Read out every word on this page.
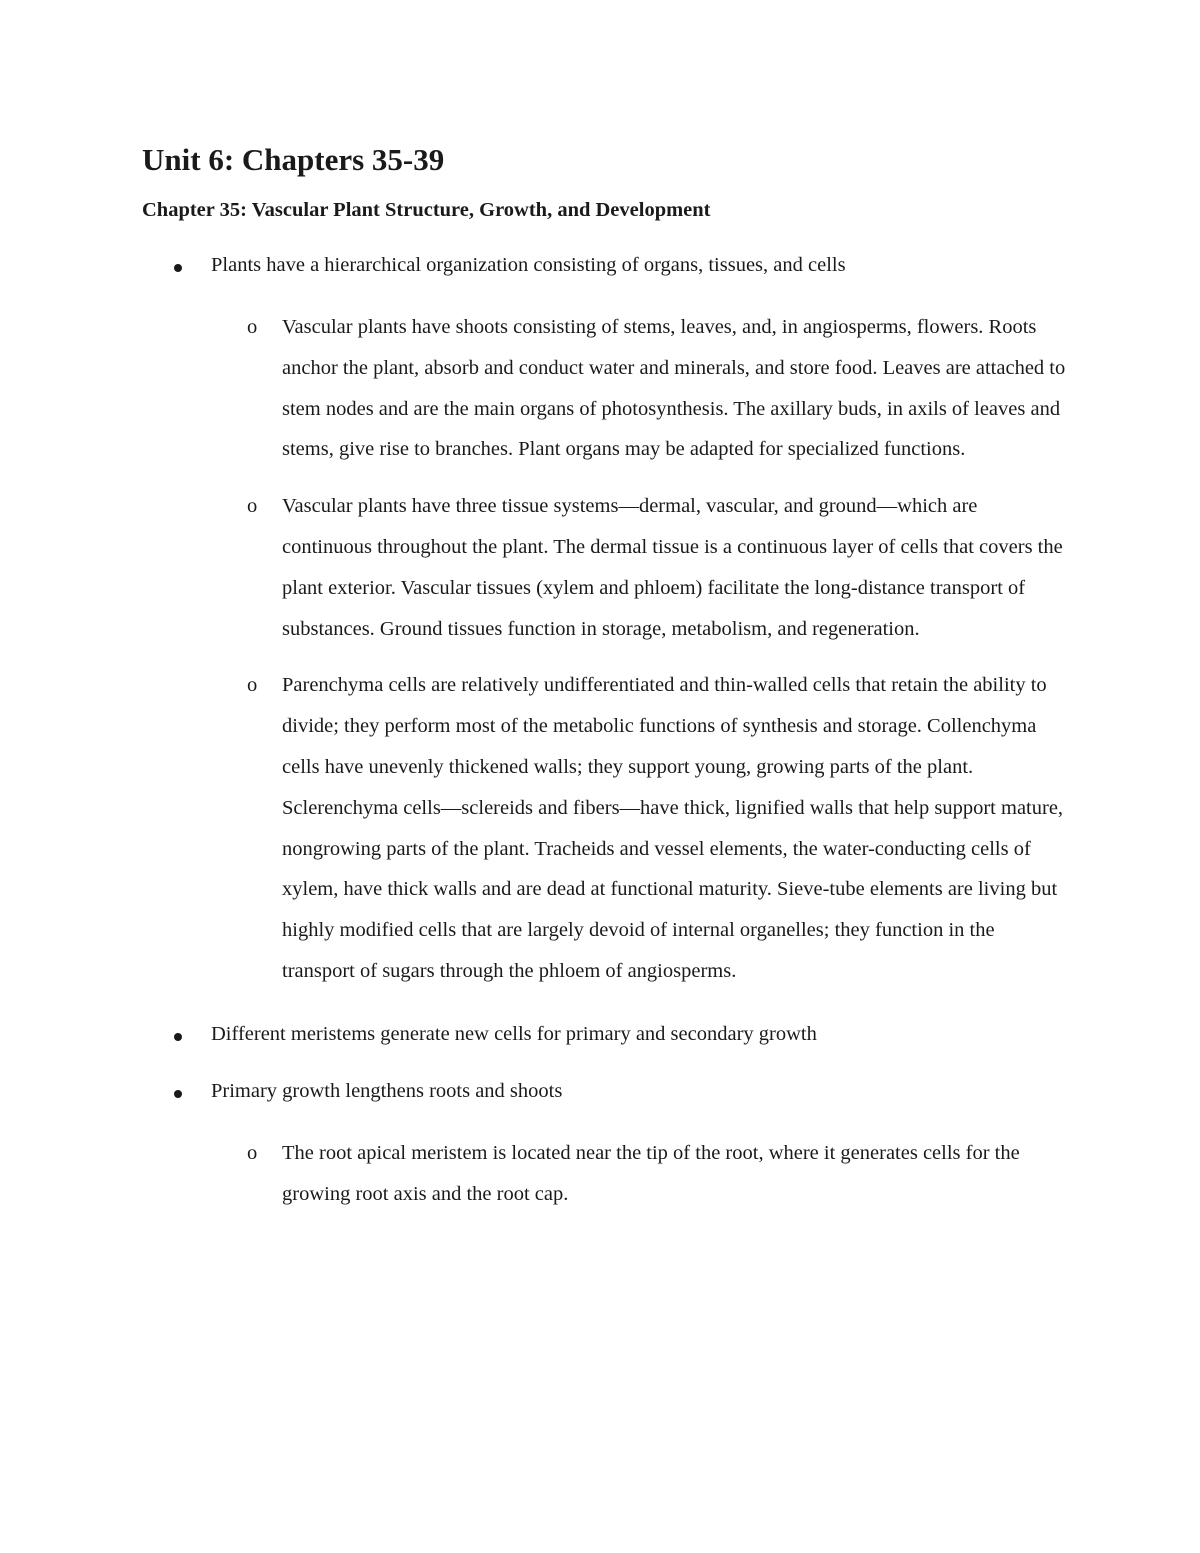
Unit 6: Chapters 35-39
Chapter 35: Vascular Plant Structure, Growth, and Development
Plants have a hierarchical organization consisting of organs, tissues, and cells
o Vascular plants have shoots consisting of stems, leaves, and, in angiosperms, flowers. Roots anchor the plant, absorb and conduct water and minerals, and store food. Leaves are attached to stem nodes and are the main organs of photosynthesis. The axillary buds, in axils of leaves and stems, give rise to branches. Plant organs may be adapted for specialized functions.
o Vascular plants have three tissue systems—dermal, vascular, and ground—which are continuous throughout the plant. The dermal tissue is a continuous layer of cells that covers the plant exterior. Vascular tissues (xylem and phloem) facilitate the long-distance transport of substances. Ground tissues function in storage, metabolism, and regeneration.
o Parenchyma cells are relatively undifferentiated and thin-walled cells that retain the ability to divide; they perform most of the metabolic functions of synthesis and storage. Collenchyma cells have unevenly thickened walls; they support young, growing parts of the plant. Sclerenchyma cells—sclereids and fibers—have thick, lignified walls that help support mature, nongrowing parts of the plant. Tracheids and vessel elements, the water-conducting cells of xylem, have thick walls and are dead at functional maturity. Sieve-tube elements are living but highly modified cells that are largely devoid of internal organelles; they function in the transport of sugars through the phloem of angiosperms.
Different meristems generate new cells for primary and secondary growth
Primary growth lengthens roots and shoots
o The root apical meristem is located near the tip of the root, where it generates cells for the growing root axis and the root cap.
